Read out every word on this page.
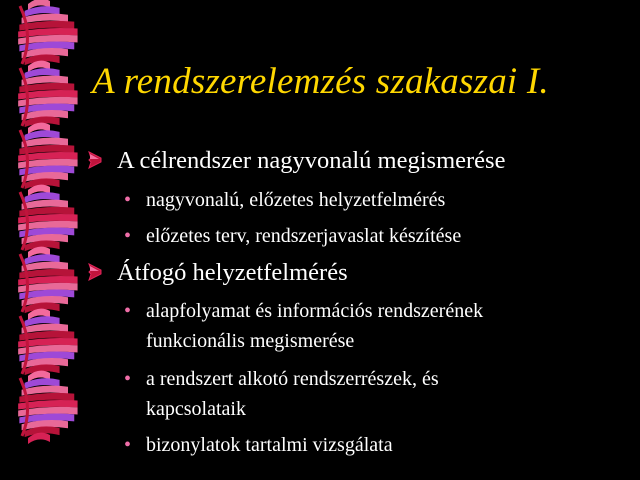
A rendszerelemzés szakaszai I.
A célrendszer nagyvonalú megismerése
• nagyvonalú, előzetes helyzetfelmérés
• előzetes terv, rendszerjavaslat készítése
Átfogó helyzetfelmérés
• alapfolyamat és információs rendszerének
funkcionális megismerése
• a rendszert alkotó rendszerrészek, és
kapcsolataik
• bizonylatok tartalmi vizsgálata
